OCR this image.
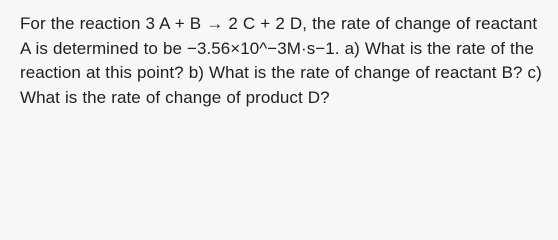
For the reaction 3 A + B → 2 C + 2 D, the rate of change of reactant A is determined to be −3.56×10^−3M·s−1. a) What is the rate of the reaction at this point? b) What is the rate of change of reactant B? c) What is the rate of change of product D?
